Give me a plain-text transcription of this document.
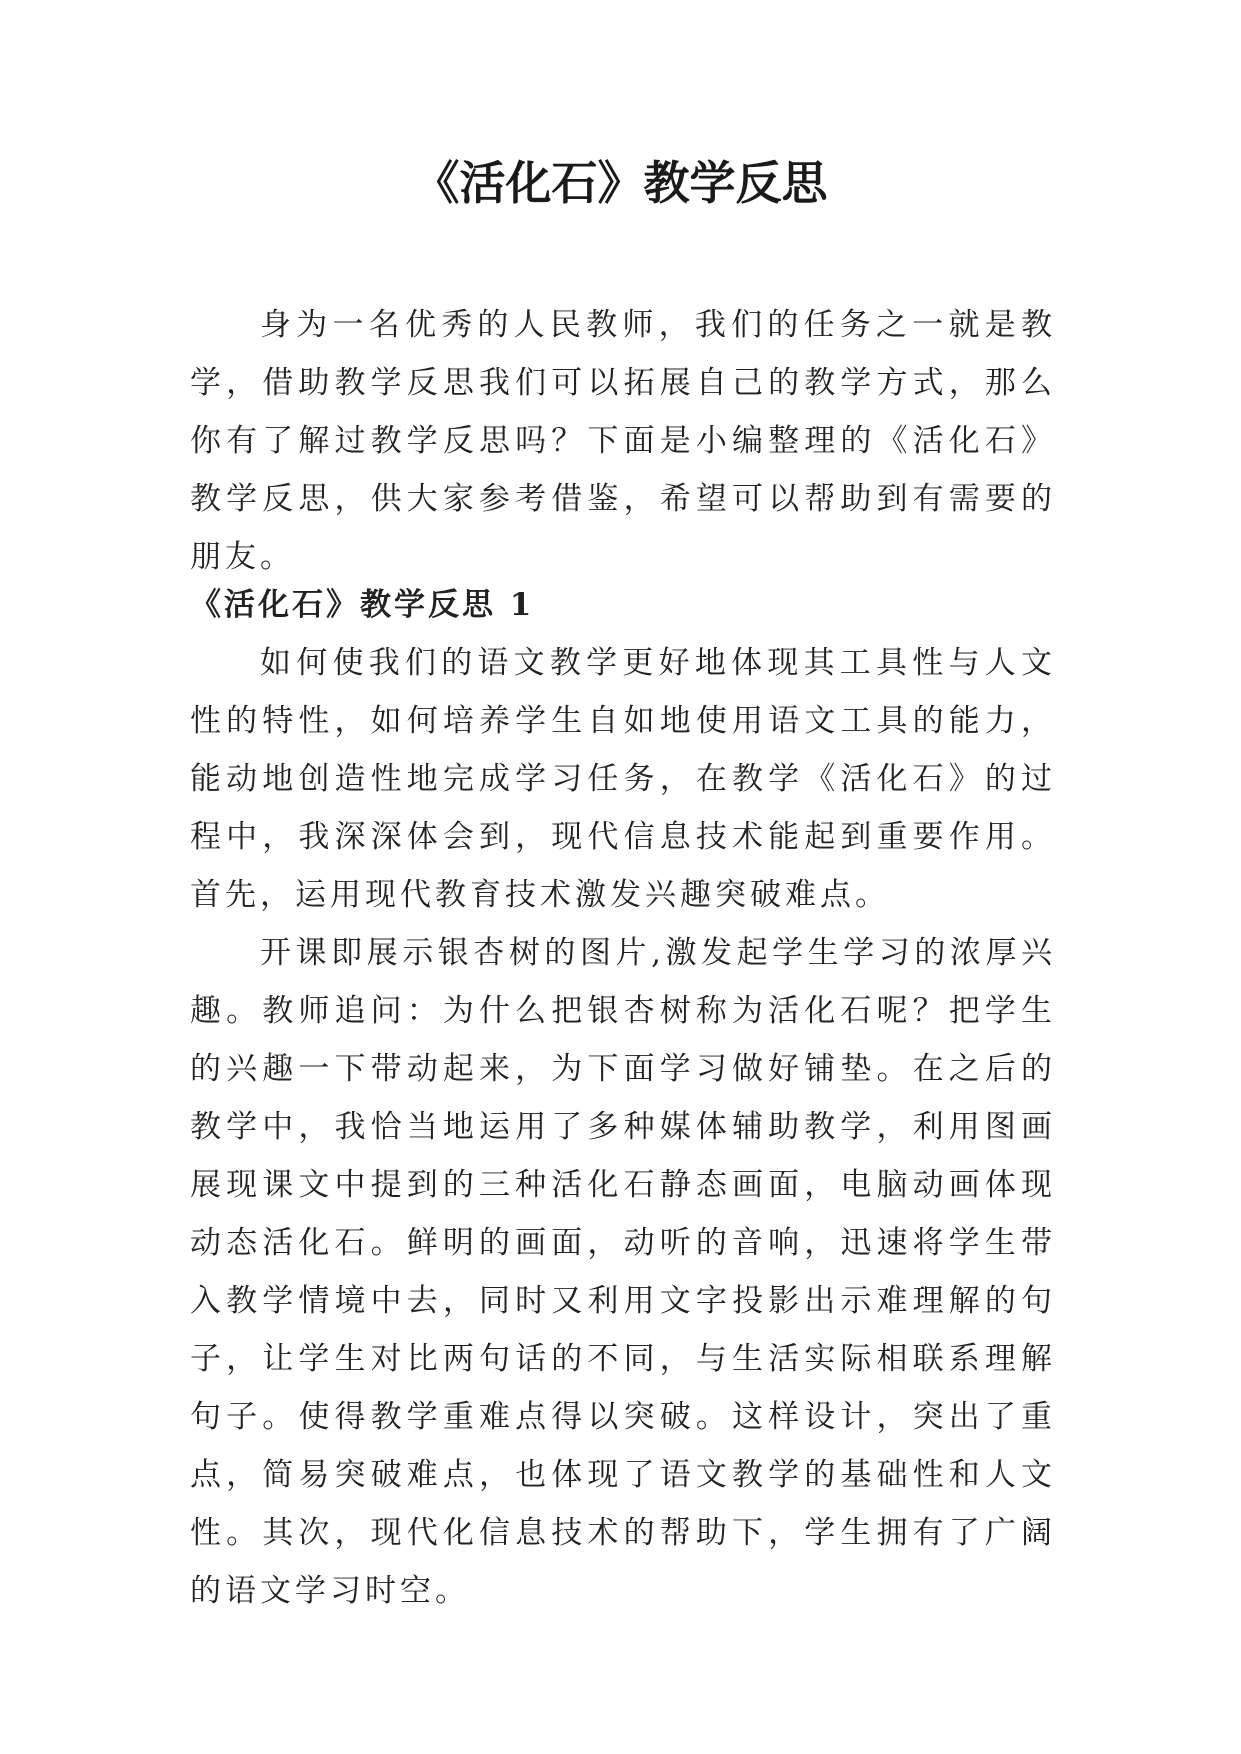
《活化石》教学反思

身为一名优秀的人民教师，我们的任务之一就是教学，借助教学反思我们可以拓展自己的教学方式，那么你有了解过教学反思吗？下面是小编整理的《活化石》教学反思，供大家参考借鉴，希望可以帮助到有需要的朋友。

《活化石》教学反思 1

如何使我们的语文教学更好地体现其工具性与人文性的特性，如何培养学生自如地使用语文工具的能力，能动地创造性地完成学习任务，在教学《活化石》的过程中，我深深体会到，现代信息技术能起到重要作用。 首先，运用现代教育技术激发兴趣突破难点。

开课即展示银杏树的图片,激发起学生学习的浓厚兴趣。教师追问：为什么把银杏树称为活化石呢？把学生的兴趣一下带动起来，为下面学习做好铺垫。在之后的教学中，我恰当地运用了多种媒体辅助教学，利用图画展现课文中提到的三种活化石静态画面，电脑动画体现动态活化石。鲜明的画面，动听的音响，迅速将学生带入教学情境中去，同时又利用文字投影出示难理解的句子，让学生对比两句话的不同，与生活实际相联系理解句子。使得教学重难点得以突破。这样设计，突出了重点，简易突破难点，也体现了语文教学的基础性和人文性。其次，现代化信息技术的帮助下，学生拥有了广阔的语文学习时空。
